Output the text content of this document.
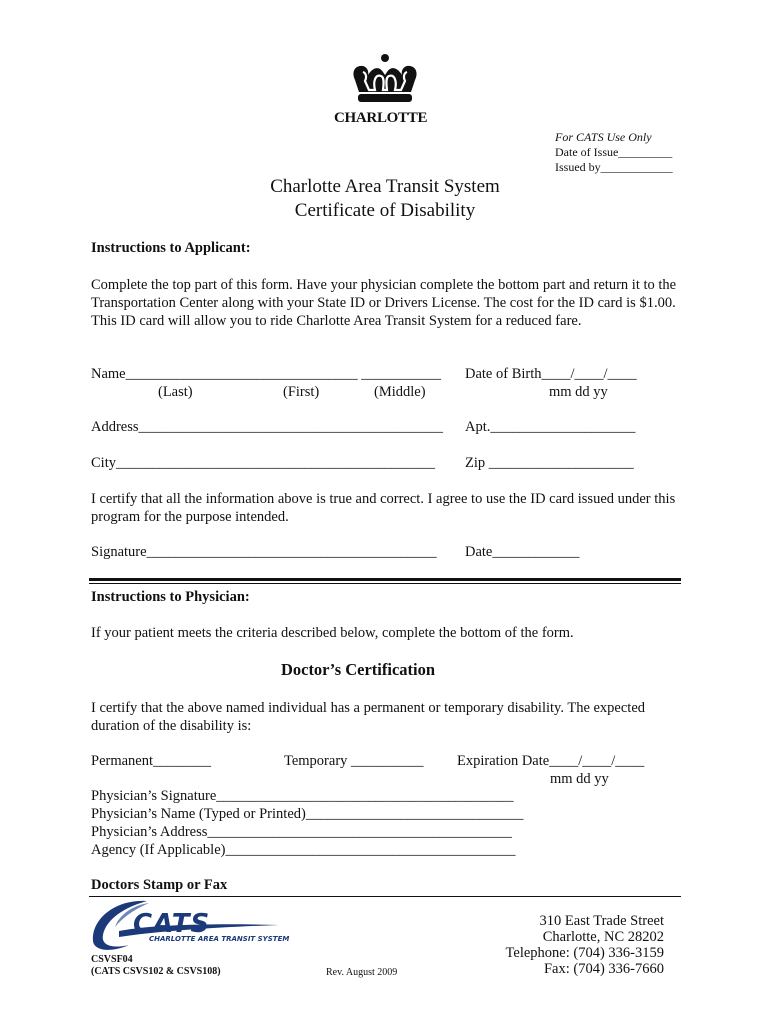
CHARLOTTE
For CATS Use Only
Date of Issue_________
Issued by____________
Charlotte Area Transit System
Certificate of Disability
Instructions to Applicant:
Complete the top part of this form. Have your physician complete the bottom part and return it to the Transportation Center along with your State ID or Drivers License. The cost for the ID card is $1.00. This ID card will allow you to ride Charlotte Area Transit System for a reduced fare.
Name________________________________ ___________
(Last)	(First)	(Middle)
Date of Birth____/____/____
mm dd yy
Address__________________________________________ Apt.____________________
City____________________________________________ Zip ____________________
I certify that all the information above is true and correct. I agree to use the ID card issued under this program for the purpose intended.
Signature________________________________________ Date____________
Instructions to Physician:
If your patient meets the criteria described below, complete the bottom of the form.
Doctor’s Certification
I certify that the above named individual has a permanent or temporary disability. The expected duration of the disability is:
Permanent________	Temporary __________ Expiration Date____/____/____
mm dd yy
Physician’s Signature_________________________________________
Physician’s Name (Typed or Printed)______________________________
Physician’s Address__________________________________________
Agency (If Applicable)________________________________________
Doctors Stamp or Fax
CATS
CHARLOTTE AREA TRANSIT SYSTEM
CSVSF04
(CATS CSVS102 & CSVS108)	Rev. August 2009
310 East Trade Street
Charlotte, NC 28202
Telephone: (704) 336-3159
Fax: (704) 336-7660
